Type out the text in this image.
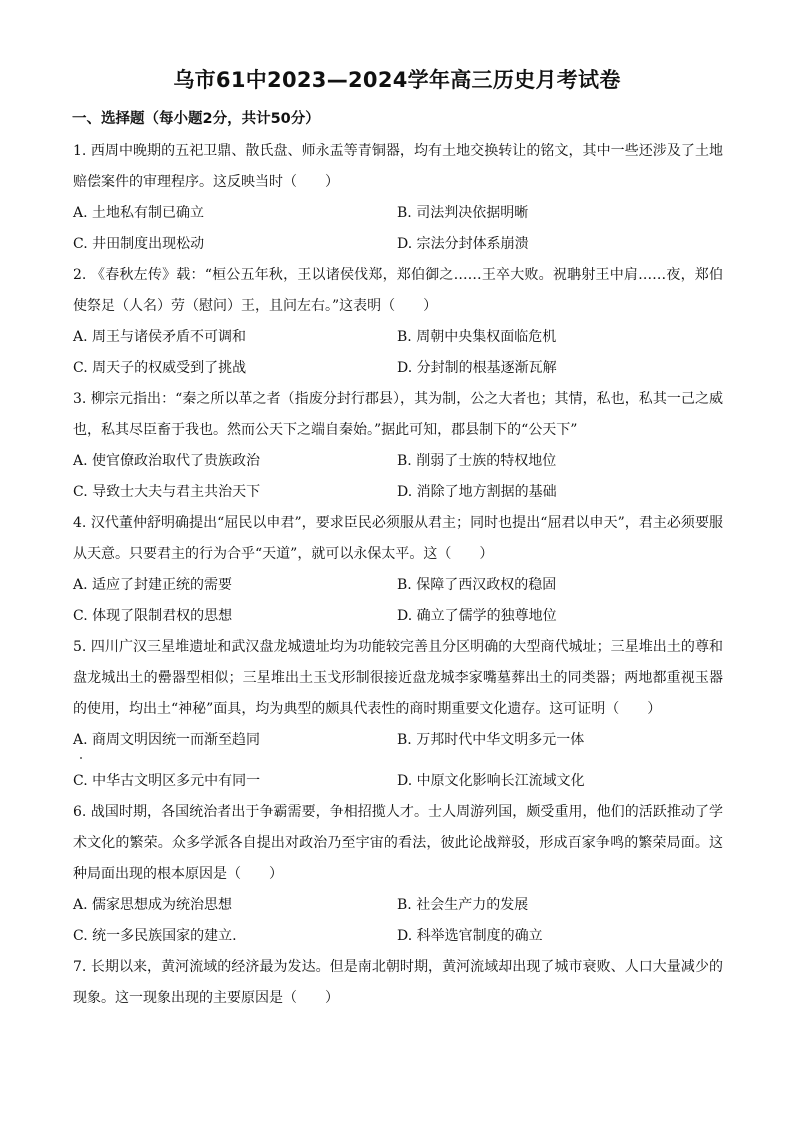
乌市61中2023—2024学年高三历史月考试卷
一、选择题（每小题2分，共计50分）
1. 西周中晚期的五祀卫鼎、散氏盘、师永盂等青铜器，均有土地交换转让的铭文，其中一些还涉及了土地赔偿案件的审理程序。这反映当时（　　）
A. 土地私有制已确立	B. 司法判决依据明晰
C. 井田制度出现松动	D. 宗法分封体系崩溃
2. 《春秋左传》载：“桓公五年秋，王以诸侯伐郑，郑伯御之……王卒大败。祝聃射王中肩……夜，郑伯使祭足（人名）劳（慰问）王，且问左右。”这表明（　　）
A. 周王与诸侯矛盾不可调和	B. 周朝中央集权面临危机
C. 周天子的权威受到了挑战	D. 分封制的根基逐渐瓦解
3. 柳宗元指出：“秦之所以革之者（指废分封行郡县），其为制，公之大者也；其情，私也，私其一己之威也，私其尽臣畜于我也。然而公天下之端自秦始。”据此可知，郡县制下的“公天下”
A. 使官僚政治取代了贵族政治	B. 削弱了士族的特权地位
C. 导致士大夫与君主共治天下	D. 消除了地方割据的基础
4. 汉代董仲舒明确提出“屈民以申君”，要求臣民必须服从君主；同时也提出“屈君以申天”，君主必须要服从天意。只要君主的行为合乎“天道”，就可以永保太平。这（　　）
A. 适应了封建正统的需要	B. 保障了西汉政权的稳固
C. 体现了限制君权的思想	D. 确立了儒学的独尊地位
5. 四川广汉三星堆遗址和武汉盘龙城遗址均为功能较完善且分区明确的大型商代城址；三星堆出土的尊和盘龙城出土的罍器型相似；三星堆出土玉戈形制很接近盘龙城李家嘴墓葬出土的同类器；两地都重视玉器的使用，均出土“神秘”面具，均为典型的颇具代表性的商时期重要文化遗存。这可证明（　　）
A. 商周文明因统一而渐至趋同	B. 万邦时代中华文明多元一体
C. 中华古文明区多元中有同一	D. 中原文化影响长江流域文化
6. 战国时期，各国统治者出于争霸需要，争相招揽人才。士人周游列国，颇受重用，他们的活跃推动了学术文化的繁荣。众多学派各自提出对政治乃至宇宙的看法，彼此论战辩驳，形成百家争鸣的繁荣局面。这种局面出现的根本原因是（　　）
A. 儒家思想成为统治思想	B. 社会生产力的发展
C. 统一多民族国家的建立.	D. 科举选官制度的确立
7. 长期以来，黄河流域的经济最为发达。但是南北朝时期，黄河流域却出现了城市衰败、人口大量减少的现象。这一现象出现的主要原因是（　　）
